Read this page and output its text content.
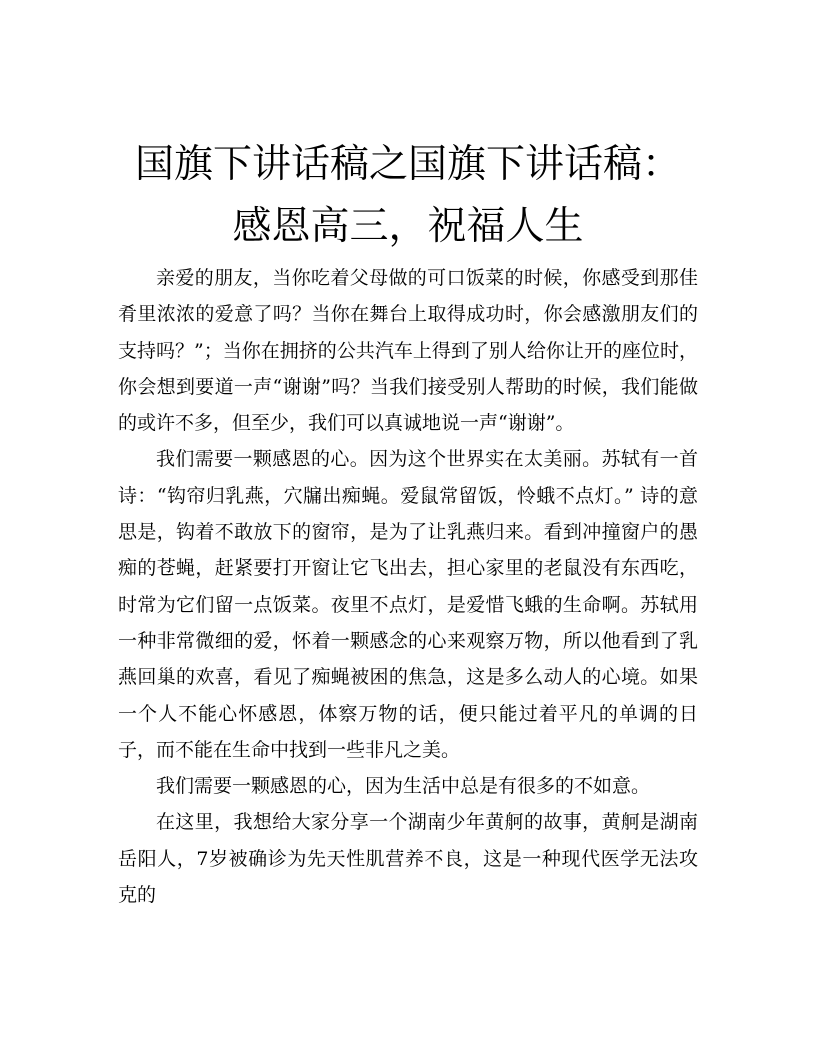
国旗下讲话稿之国旗下讲话稿：感恩高三，祝福人生

亲爱的朋友，当你吃着父母做的可口饭菜的时候，你感受到那佳肴里浓浓的爱意了吗？当你在舞台上取得成功时，你会感激朋友们的支持吗？”；当你在拥挤的公共汽车上得到了别人给你让开的座位时，你会想到要道一声“谢谢”吗？当我们接受别人帮助的时候，我们能做的或许不多，但至少，我们可以真诚地说一声“谢谢”。

我们需要一颗感恩的心。因为这个世界实在太美丽。苏轼有一首诗：“钩帘归乳燕，穴牖出痴蝇。爱鼠常留饭，怜蛾不点灯。” 诗的意思是，钩着不敢放下的窗帘，是为了让乳燕归来。看到冲撞窗户的愚痴的苍蝇，赶紧要打开窗让它飞出去，担心家里的老鼠没有东西吃，时常为它们留一点饭菜。夜里不点灯，是爱惜飞蛾的生命啊。苏轼用一种非常微细的爱，怀着一颗感念的心来观察万物，所以他看到了乳燕回巢的欢喜，看见了痴蝇被困的焦急，这是多么动人的心境。如果一个人不能心怀感恩，体察万物的话，便只能过着平凡的单调的日子，而不能在生命中找到一些非凡之美。

我们需要一颗感恩的心，因为生活中总是有很多的不如意。

在这里，我想给大家分享一个湖南少年黄舸的故事，黄舸是湖南岳阳人，7岁被确诊为先天性肌营养不良，这是一种现代医学无法攻克的
